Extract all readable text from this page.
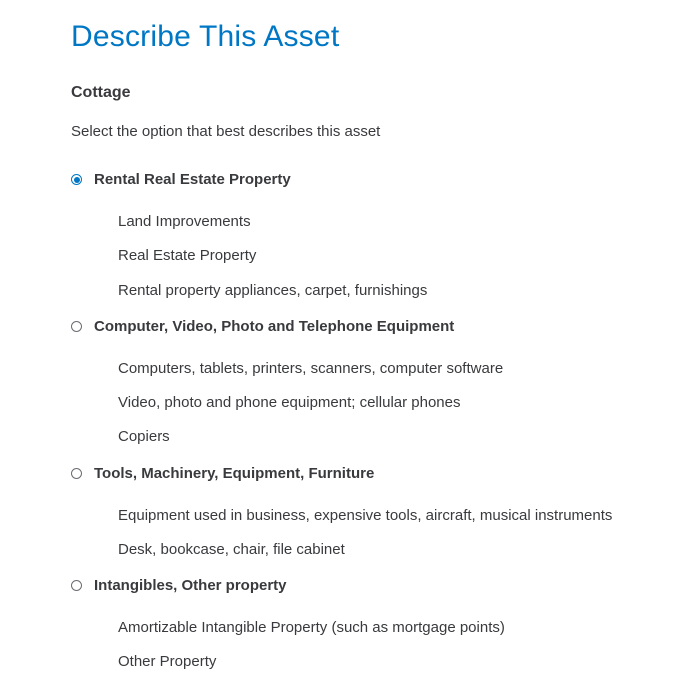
Describe This Asset
Cottage
Select the option that best describes this asset
Rental Real Estate Property
Land Improvements
Real Estate Property
Rental property appliances, carpet, furnishings
Computer, Video, Photo and Telephone Equipment
Computers, tablets, printers, scanners, computer software
Video, photo and phone equipment; cellular phones
Copiers
Tools, Machinery, Equipment, Furniture
Equipment used in business, expensive tools, aircraft, musical instruments
Desk, bookcase, chair, file cabinet
Intangibles, Other property
Amortizable Intangible Property (such as mortgage points)
Other Property
